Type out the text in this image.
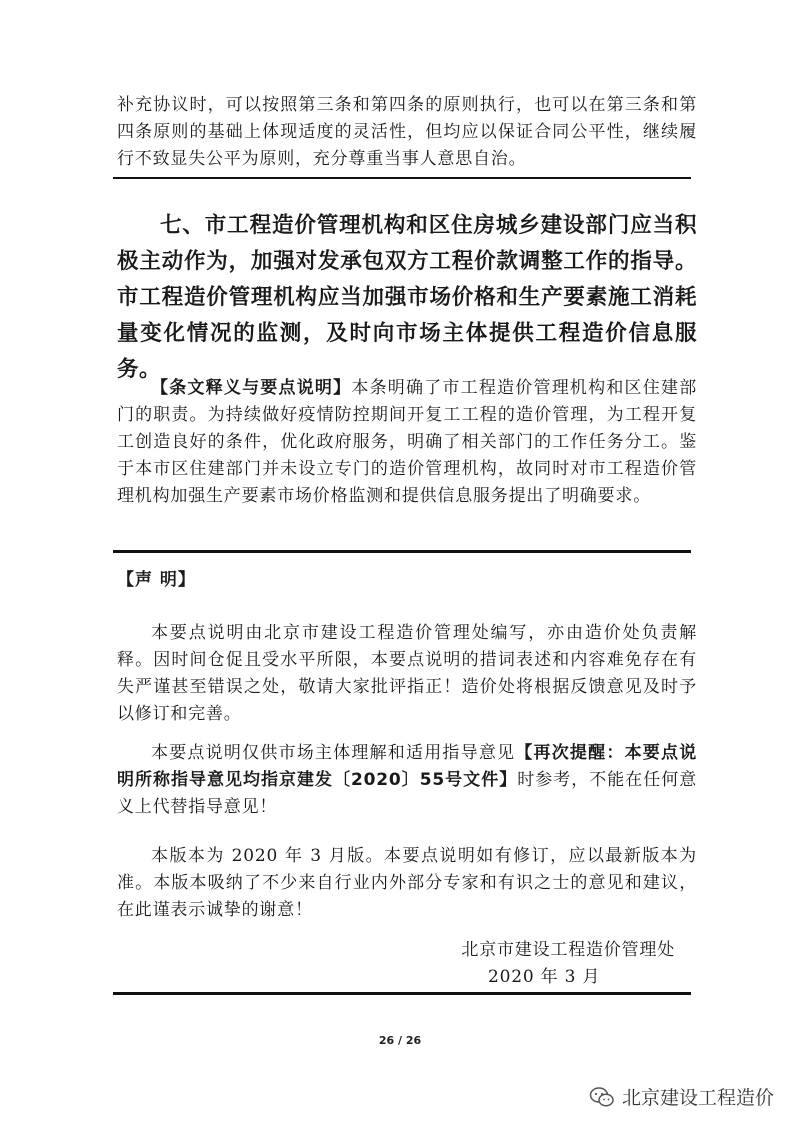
补充协议时，可以按照第三条和第四条的原则执行，也可以在第三条和第四条原则的基础上体现适度的灵活性，但均应以保证合同公平性，继续履行不致显失公平为原则，充分尊重当事人意思自治。

七、市工程造价管理机构和区住房城乡建设部门应当积极主动作为，加强对发承包双方工程价款调整工作的指导。市工程造价管理机构应当加强市场价格和生产要素施工消耗量变化情况的监测，及时向市场主体提供工程造价信息服务。

【条文释义与要点说明】本条明确了市工程造价管理机构和区住建部门的职责。为持续做好疫情防控期间开复工工程的造价管理，为工程开复工创造良好的条件，优化政府服务，明确了相关部门的工作任务分工。鉴于本市区住建部门并未设立专门的造价管理机构，故同时对市工程造价管理机构加强生产要素市场价格监测和提供信息服务提出了明确要求。

【声 明】

本要点说明由北京市建设工程造价管理处编写，亦由造价处负责解释。因时间仓促且受水平所限，本要点说明的措词表述和内容难免存在有失严谨甚至错误之处，敬请大家批评指正！造价处将根据反馈意见及时予以修订和完善。

本要点说明仅供市场主体理解和适用指导意见【再次提醒：本要点说明所称指导意见均指京建发〔2020〕55号文件】时参考，不能在任何意义上代替指导意见！

本版本为 2020 年 3 月版。本要点说明如有修订，应以最新版本为准。本版本吸纳了不少来自行业内外部分专家和有识之士的意见和建议，在此谨表示诚挚的谢意！

北京市建设工程造价管理处

2020 年 3 月

26 / 26
北京建设工程造价
